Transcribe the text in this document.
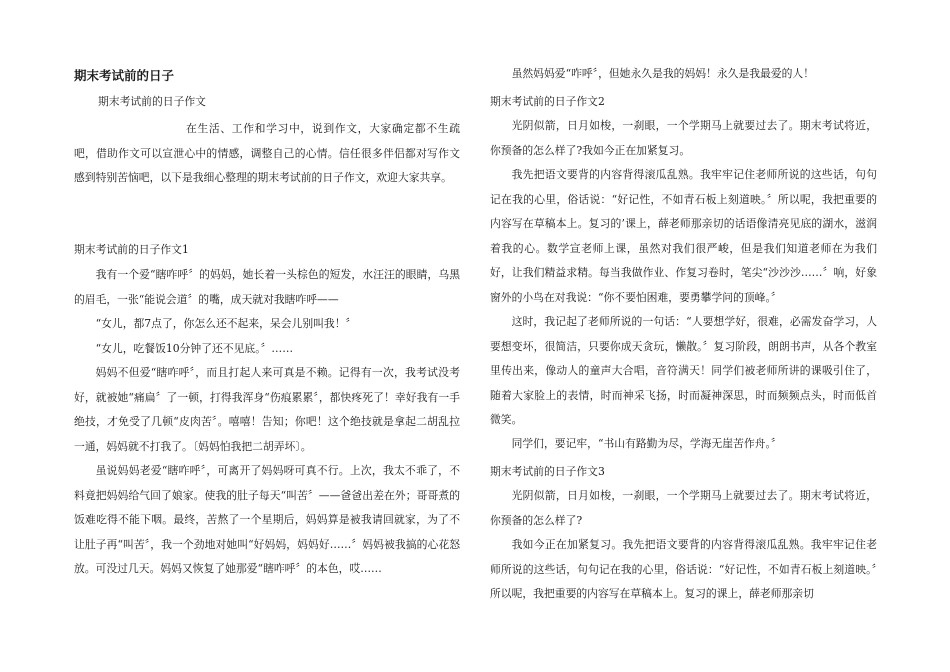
期末考试前的日子
期末考试前的日子作文

在生活、工作和学习中，说到作文，大家确定都不生疏吧，借助作文可以宣泄心中的情感，调整自己的心情。信任很多伴侣都对写作文感到特别苦恼吧，以下是我细心整理的期末考试前的日子作文，欢迎大家共享。

期末考试前的日子作文1

我有一个爱“瞎咋呼〞的妈妈，她长着一头棕色的短发，水汪汪的眼睛，乌黑的眉毛，一张“能说会道〞的嘴，成天就对我瞎咋呼——

“女儿，都7点了，你怎么还不起来，呆会儿别叫我！〞

“女儿，吃餐饭10分钟了还不见底。〞……

妈妈不但爱“瞎咋呼〞，而且打起人来可真是不赖。记得有一次，我考试没考好，就被她“痛扁〞了一顿，打得我浑身“伤痕累累〞，都快疼死了！幸好我有一手绝技，才免受了几顿“皮肉苦〞。嘻嘻！告知；你吧！这个绝技就是拿起二胡乱拉一通，妈妈就不打我了。〔妈妈怕我把二胡弄坏〕。

虽说妈妈老爱“瞎咋呼〞，可离开了妈妈呀可真不行。上次，我太不乖了，不料竟把妈妈给气回了娘家。使我的肚子每天“叫苦〞——爸爸出差在外；哥哥煮的饭难吃得不能下咽。最终，苦熬了一个星期后，妈妈算是被我请回就家，为了不让肚子再“叫苦〞，我一个劲地对她叫“好妈妈，妈妈好……〞妈妈被我搞的心花怒放。可没过几天。妈妈又恢复了她那爱“瞎咋呼〞的本色，哎……

虽然妈妈爱“咋呼〞，但她永久是我的妈妈！永久是我最爱的人！

期末考试前的日子作文2

光阴似箭，日月如梭，一刹眼，一个学期马上就要过去了。期末考试将近，你预备的怎么样了?我如今正在加紧复习。

我先把语文要背的内容背得滚瓜乱熟。我牢牢记住老师所说的这些话，句句记在我的心里，俗话说：“好记性，不如青石板上刻道映。〞所以呢，我把重要的内容写在草稿本上。复习的’课上，薛老师那亲切的话语像清亮见底的湖水，滋润着我的心。数学宣老师上课，虽然对我们很严峻，但是我们知道老师在为我们好，让我们精益求精。每当我做作业、作复习卷时，笔尖“沙沙沙……〞响，好象窗外的小鸟在对我说：“你不要怕困难，要勇攀学问的顶峰。〞

这时，我记起了老师所说的一句话：“人要想学好，很难，必需发奋学习，人要想变坏，很简洁，只要你成天贪玩，懒散。〞复习阶段，朗朗书声，从各个教室里传出来，像动人的童声大合唱，音符满天！同学们被老师所讲的课吸引住了，随着大家脸上的表情，时而神采飞扬，时而凝神深思，时而频频点头，时而低首微笑。

同学们，要记牢，“书山有路勤为尽，学海无崖苦作舟。〞

期末考试前的日子作文3

光阴似箭，日月如梭，一刹眼，一个学期马上就要过去了。期末考试将近，你预备的怎么样了?

我如今正在加紧复习。我先把语文要背的内容背得滚瓜乱熟。我牢牢记住老师所说的这些话，句句记在我的心里，俗话说：“好记性，不如青石板上刻道映。〞所以呢，我把重要的内容写在草稿本上。复习的课上，薛老师那亲切
